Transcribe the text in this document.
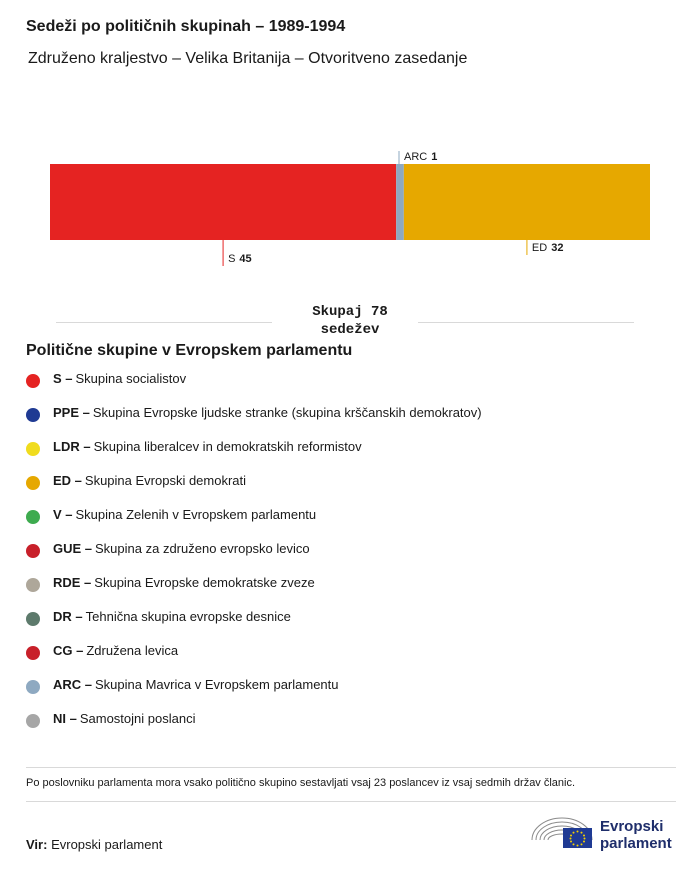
Sedeži po političnih skupinah – 1989-1994
Združeno kraljestvo – Velika Britanija – Otvoritveno zasedanje
S 45
ARC 1
ED 32
Skupaj 78
sedežev
Politične skupine v Evropskem parlamentu
S – Skupina socialistov
PPE – Skupina Evropske ljudske stranke (skupina krščanskih demokratov)
LDR – Skupina liberalcev in demokratskih reformistov
ED – Skupina Evropski demokrati
V – Skupina Zelenih v Evropskem parlamentu
GUE – Skupina za združeno evropsko levico
RDE – Skupina Evropske demokratske zveze
DR – Tehnična skupina evropske desnice
CG – Združena levica
ARC – Skupina Mavrica v Evropskem parlamentu
NI – Samostojni poslanci
Po poslovniku parlamenta mora vsako politično skupino sestavljati vsaj 23 poslancev iz vsaj sedmih držav članic.
Vir: Evropski parlament
Evropski
parlament
